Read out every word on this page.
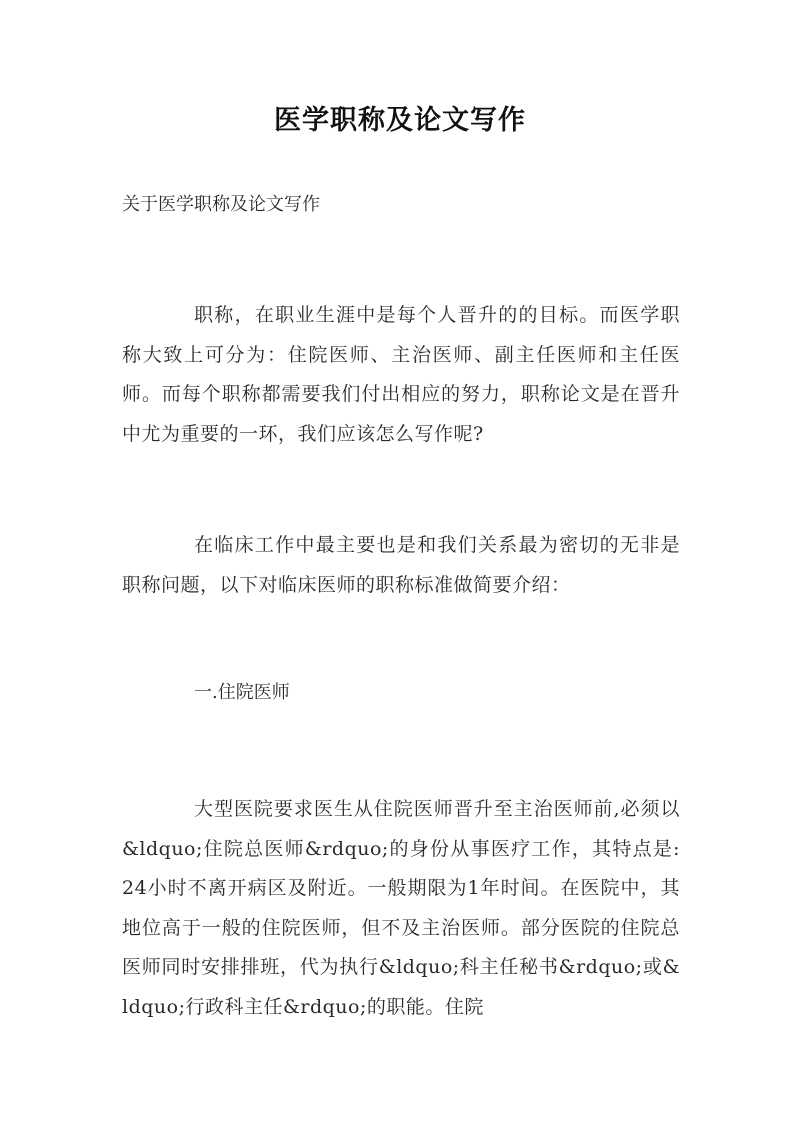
医学职称及论文写作
关于医学职称及论文写作
职称，在职业生涯中是每个人晋升的的目标。而医学职称大致上可分为：住院医师、主治医师、副主任医师和主任医师。而每个职称都需要我们付出相应的努力，职称论文是在晋升中尤为重要的一环，我们应该怎么写作呢?
在临床工作中最主要也是和我们关系最为密切的无非是职称问题，以下对临床医师的职称标准做简要介绍：
一.住院医师
大型医院要求医生从住院医师晋升至主治医师前,必须以&ldquo;住院总医师&rdquo;的身份从事医疗工作，其特点是: 24小时不离开病区及附近。一般期限为1年时间。在医院中，其地位高于一般的住院医师，但不及主治医师。部分医院的住院总医师同时安排排班，代为执行&ldquo;科主任秘书&rdquo;或&ldquo;行政科主任&rdquo;的职能。住院
